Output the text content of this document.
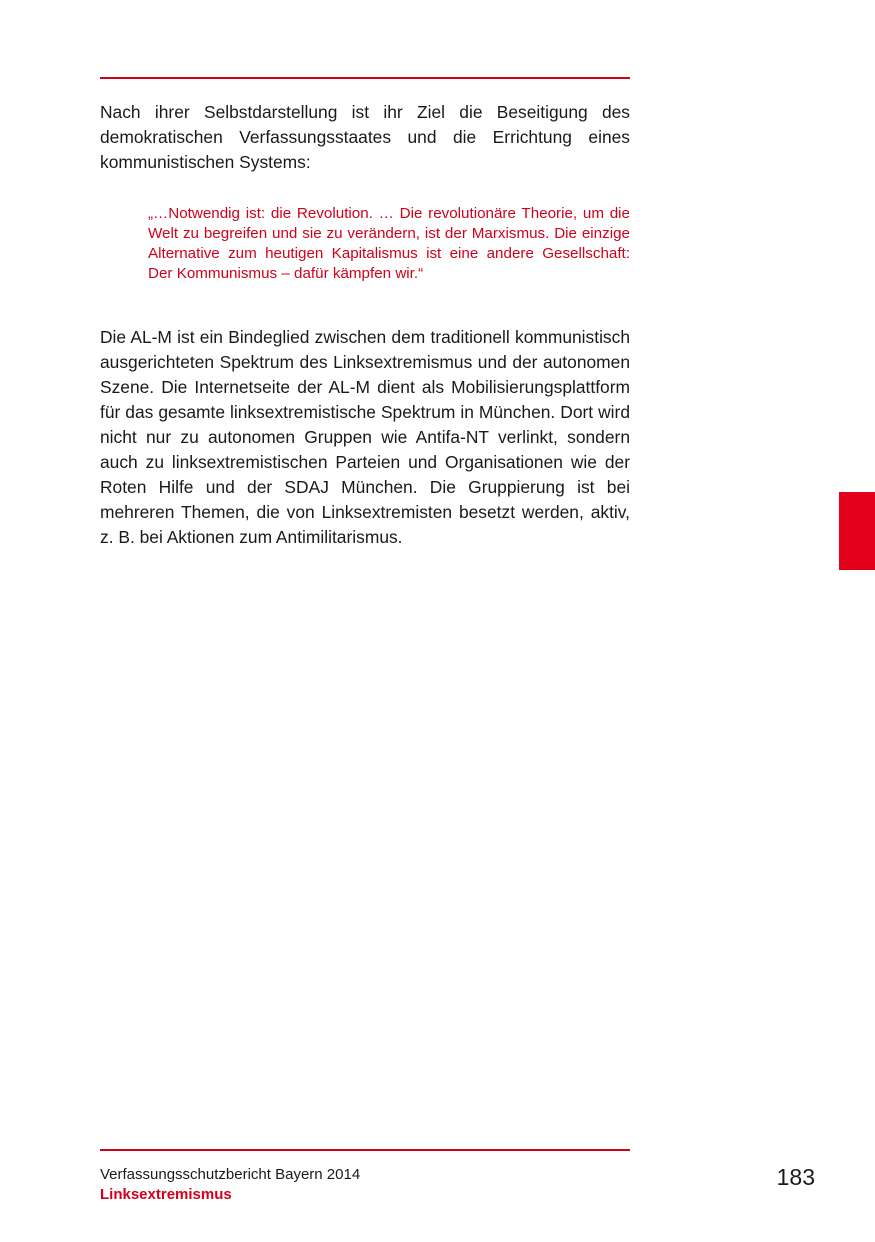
Nach ihrer Selbstdarstellung ist ihr Ziel die Beseitigung des demokratischen Verfassungsstaates und die Errichtung eines kommunistischen Systems:

„…Notwendig ist: die Revolution. … Die revolutionäre Theorie, um die Welt zu begreifen und sie zu verändern, ist der Marxismus. Die einzige Alternative zum heutigen Kapitalismus ist eine andere Gesellschaft: Der Kommunismus – dafür kämpfen wir.“

Die AL-M ist ein Bindeglied zwischen dem traditionell kommunistisch ausgerichteten Spektrum des Linksextremismus und der autonomen Szene. Die Internetseite der AL-M dient als Mobilisierungsplattform für das gesamte linksextremistische Spektrum in München. Dort wird nicht nur zu autonomen Gruppen wie Antifa-NT verlinkt, sondern auch zu linksextremistischen Parteien und Organisationen wie der Roten Hilfe und der SDAJ München. Die Gruppierung ist bei mehreren Themen, die von Linksextremisten besetzt werden, aktiv, z. B. bei Aktionen zum Antimilitarismus.

Verfassungsschutzbericht Bayern 2014

Linksextremismus

183
